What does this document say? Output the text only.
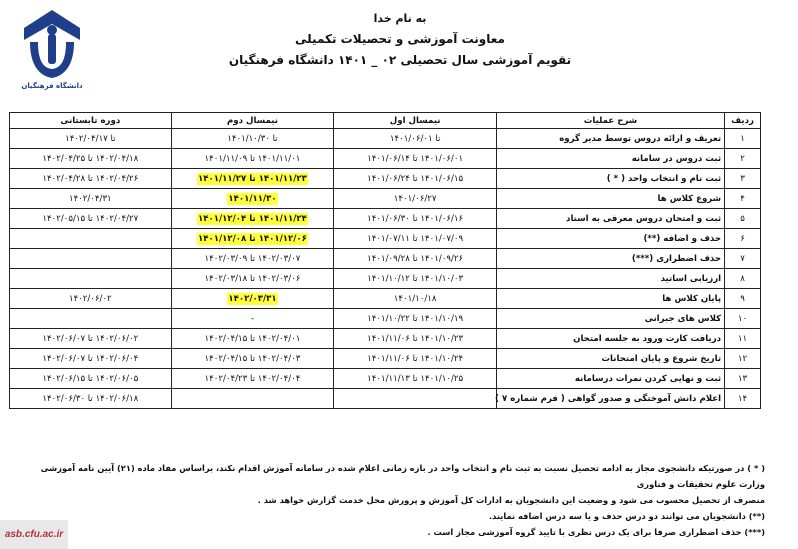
دانشگاه فرهنگیان
به نام خدا
معاونت آموزشی و تحصیلات تکمیلی
تقویم آموزشی سال تحصیلی ۰۲ _ ۱۴۰۱ دانشگاه فرهنگیان
ردیف	شرح عملیات	نیمسال اول	نیمسال دوم	دوره تابستانی
۱	تعریف و ارائه دروس توسط مدیر گروه	تا ۱۴۰۱/۰۶/۰۱	تا ۱۴۰۱/۱۰/۳۰	تا ۱۴۰۲/۰۴/۱۷
۲	ثبت دروس در سامانه	۱۴۰۱/۰۶/۰۱ تا ۱۴۰۱/۰۶/۱۴	۱۴۰۱/۱۱/۰۱ تا ۱۴۰۱/۱۱/۰۹	۱۴۰۲/۰۴/۱۸ تا ۱۴۰۲/۰۴/۲۵
۳	ثبت نام و انتخاب واحد ( * )	۱۴۰۱/۰۶/۱۵ تا ۱۴۰۱/۰۶/۲۴	۱۴۰۱/۱۱/۲۳ تا ۱۴۰۱/۱۱/۲۷	۱۴۰۲/۰۴/۲۶ تا ۱۴۰۲/۰۴/۲۸
۴	شروع کلاس ها	۱۴۰۱/۰۶/۲۷	۱۴۰۱/۱۱/۳۰	۱۴۰۲/۰۴/۳۱
۵	ثبت و امتحان دروس معرفی به استاد	۱۴۰۱/۰۶/۱۶ تا ۱۴۰۱/۰۶/۳۰	۱۴۰۱/۱۱/۲۴ تا ۱۴۰۱/۱۲/۰۴	۱۴۰۲/۰۴/۲۷ تا ۱۴۰۲/۰۵/۱۵
۶	حذف و اضافه (**)	۱۴۰۱/۰۷/۰۹ تا ۱۴۰۱/۰۷/۱۱	۱۴۰۱/۱۲/۰۶ تا ۱۴۰۱/۱۲/۰۸	
۷	حذف اضطراری (***)	۱۴۰۱/۰۹/۲۶ تا ۱۴۰۱/۰۹/۲۸	۱۴۰۲/۰۳/۰۷ تا ۱۴۰۲/۰۳/۰۹	
۸	ارزیابی اساتید	۱۴۰۱/۱۰/۰۳ تا ۱۴۰۱/۱۰/۱۲	۱۴۰۲/۰۳/۰۶ تا ۱۴۰۲/۰۳/۱۸	
۹	پایان کلاس ها	۱۴۰۱/۱۰/۱۸	۱۴۰۲/۰۳/۳۱	۱۴۰۲/۰۶/۰۲
۱۰	کلاس های جبرانی	۱۴۰۱/۱۰/۱۹ تا ۱۴۰۱/۱۰/۲۲	-	
۱۱	دریافت کارت ورود به جلسه امتحان	۱۴۰۱/۱۰/۲۳ تا ۱۴۰۱/۱۱/۰۶	۱۴۰۲/۰۴/۰۱ تا ۱۴۰۲/۰۴/۱۵	۱۴۰۲/۰۶/۰۲ تا ۱۴۰۲/۰۶/۰۷
۱۲	تاریخ شروع و پایان امتحانات	۱۴۰۱/۱۰/۲۴ تا ۱۴۰۱/۱۱/۰۶	۱۴۰۲/۰۴/۰۳ تا ۱۴۰۲/۰۴/۱۵	۱۴۰۲/۰۶/۰۴ تا ۱۴۰۲/۰۶/۰۷
۱۳	ثبت و نهایی کردن نمرات درسامانه	۱۴۰۱/۱۰/۲۵ تا ۱۴۰۱/۱۱/۱۳	۱۴۰۲/۰۴/۰۴ تا ۱۴۰۲/۰۴/۲۳	۱۴۰۲/۰۶/۰۵ تا ۱۴۰۲/۰۶/۱۵
۱۴	اعلام دانش آموختگی و صدور گواهی ( فرم شماره ۷ )			۱۴۰۲/۰۶/۱۸ تا ۱۴۰۲/۰۶/۳۰

( * ) در صورتیکه دانشجوی مجاز به ادامه تحصیل نسبت به ثبت نام و انتخاب واحد در بازه زمانی اعلام شده در سامانه آموزش اقدام نکند، براساس مفاد ماده (۲۱) آیین نامه آموزشی وزارت علوم تحقیقات و فناوری

منصرف از تحصیل محسوب می شود و وضعیت این دانشجویان به ادارات کل آموزش و پرورش محل خدمت گزارش خواهد شد .

(**) دانشجویان می توانند دو درس حذف و یا سه درس اضافه نمایند.

(***) حذف اضطراری صرفا برای یک درس نظری با تایید گروه آموزشی مجاز است .

asb.cfu.ac.ir
